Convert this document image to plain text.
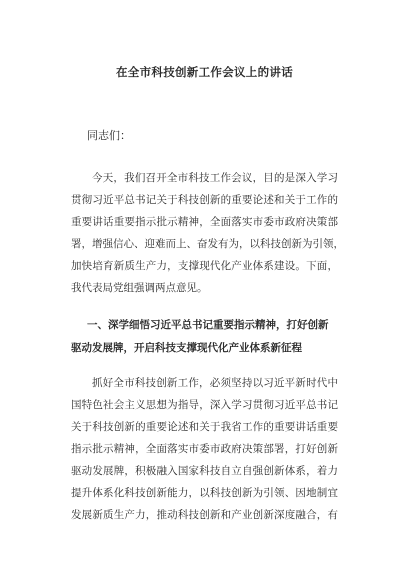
在全市科技创新工作会议上的讲话
同志们：
今天，我们召开全市科技工作会议，目的是深入学习
贯彻习近平总书记关于科技创新的重要论述和关于工作的
重要讲话重要指示批示精神，全面落实市委市政府决策部
署，增强信心、迎难而上、奋发有为，以科技创新为引领，
加快培育新质生产力，支撑现代化产业体系建设。下面，
我代表局党组强调两点意见。
一、深学细悟习近平总书记重要指示精神，打好创新
驱动发展牌，开启科技支撑现代化产业体系新征程
抓好全市科技创新工作，必须坚持以习近平新时代中
国特色社会主义思想为指导，深入学习贯彻习近平总书记
关于科技创新的重要论述和关于我省工作的重要讲话重要
指示批示精神，全面落实市委市政府决策部署，打好创新
驱动发展牌，积极融入国家科技自立自强创新体系，着力
提升体系化科技创新能力，以科技创新为引领、因地制宜
发展新质生产力，推动科技创新和产业创新深度融合，有
